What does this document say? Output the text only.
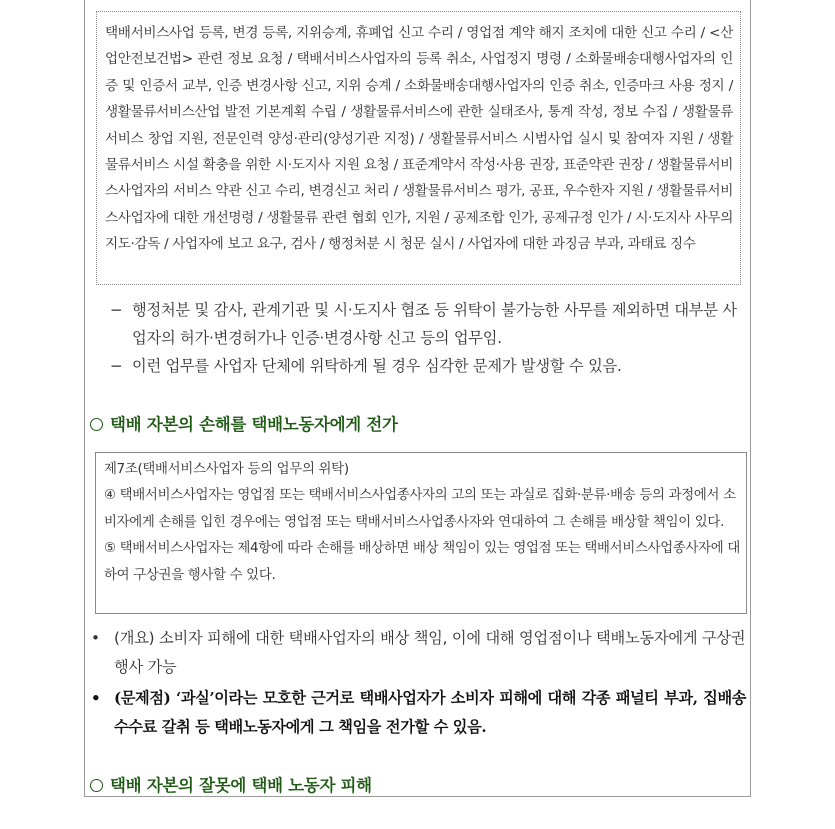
택배서비스사업 등록, 변경 등록, 지위승계, 휴폐업 신고 수리 / 영업점 계약 해지 조치에 대한 신고 수리 / <산업안전보건법> 관련 정보 요청 / 택배서비스사업자의 등록 취소, 사업정지 명령 / 소화물배송대행사업자의 인증 및 인증서 교부, 인증 변경사항 신고, 지위 승계 / 소화물배송대행사업자의 인증 취소, 인증마크 사용 정지 / 생활물류서비스산업 발전 기본계획 수립 / 생활물류서비스에 관한 실태조사, 통계 작성, 정보 수집 / 생활물류서비스 창업 지원, 전문인력 양성·관리(양성기관 지정) / 생활물류서비스 시범사업 실시 및 참여자 지원 / 생활물류서비스 시설 확충을 위한 시·도지사 지원 요청 / 표준계약서 작성·사용 권장, 표준약관 권장 / 생활물류서비스사업자의 서비스 약관 신고 수리, 변경신고 처리 / 생활물류서비스 평가, 공표, 우수한자 지원 / 생활물류서비스사업자에 대한 개선명령 / 생활물류 관련 협회 인가, 지원 / 공제조합 인가, 공제규정 인가 / 시·도지사 사무의 지도·감독 / 사업자에 보고 요구, 검사 / 행정처분 시 청문 실시 / 사업자에 대한 과징금 부과, 과태료 징수
− 행정처분 및 감사, 관계기관 및 시·도지사 협조 등 위탁이 불가능한 사무를 제외하면 대부분 사업자의 허가·변경허가나 인증·변경사항 신고 등의 업무임.
− 이런 업무를 사업자 단체에 위탁하게 될 경우 심각한 문제가 발생할 수 있음.
택배 자본의 손해를 택배노동자에게 전가

제7조(택배서비스사업자 등의 업무의 위탁)

④ 택배서비스사업자는 영업점 또는 택배서비스사업종사자의 고의 또는 과실로 집화·분류·배송 등의 과정에서 소비자에게 손해를 입힌 경우에는 영업점 또는 택배서비스사업종사자와 연대하여 그 손해를 배상할 책임이 있다.

⑤ 택배서비스사업자는 제4항에 따라 손해를 배상하면 배상 책임이 있는 영업점 또는 택배서비스사업종사자에 대하여 구상권을 행사할 수 있다.

• (개요) 소비자 피해에 대한 택배사업자의 배상 책임, 이에 대해 영업점이나 택배노동자에게 구상권 행사 가능
• (문제점) ‘과실’이라는 모호한 근거로 택배사업자가 소비자 피해에 대해 각종 패널티 부과, 집배송 수수료 갈취 등 택배노동자에게 그 책임을 전가할 수 있음.
택배 자본의 잘못에 택배 노동자 피해
